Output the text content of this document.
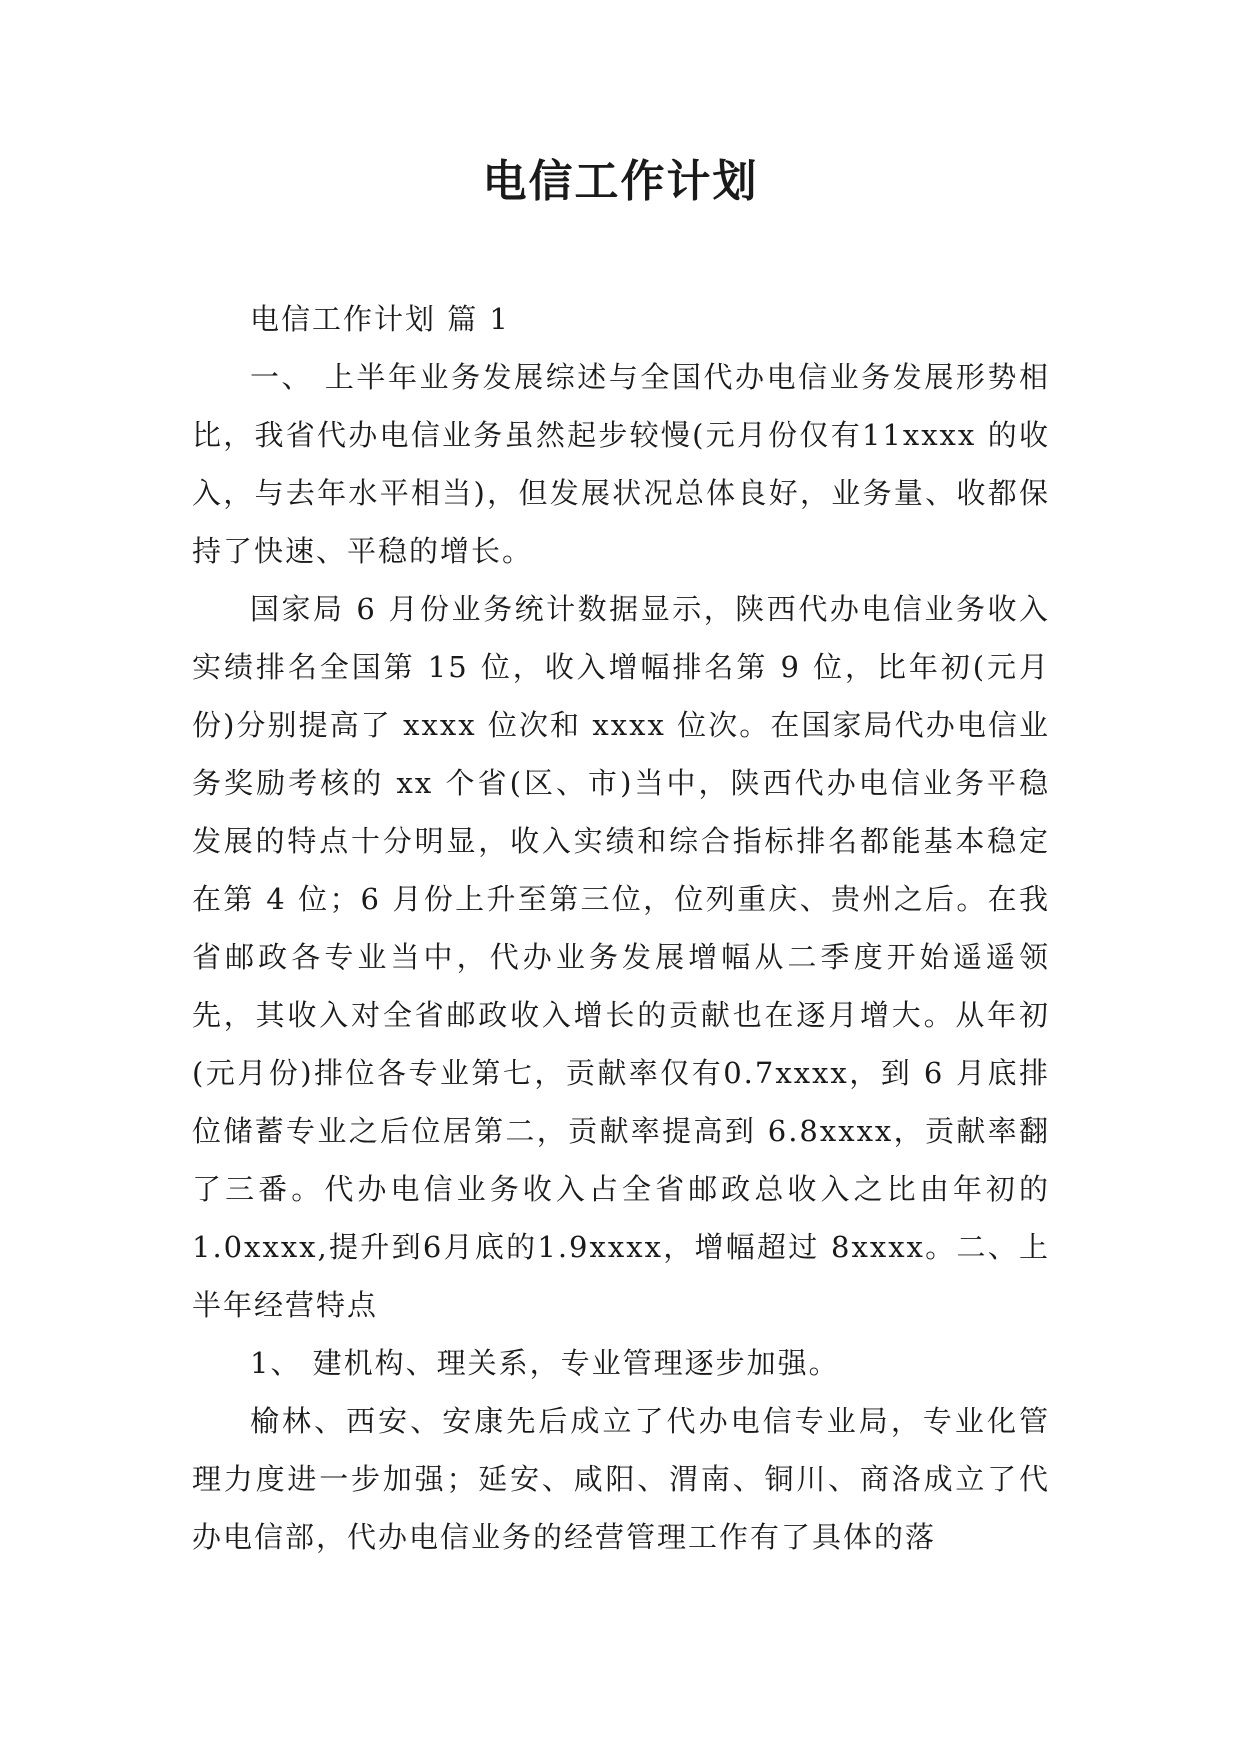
电信工作计划

电信工作计划 篇 1

一、 上半年业务发展综述与全国代办电信业务发展形势相比，我省代办电信业务虽然起步较慢(元月份仅有11xxxx 的收入，与去年水平相当)，但发展状况总体良好，业务量、收都保持了快速、平稳的增长。

国家局 6 月份业务统计数据显示，陕西代办电信业务收入实绩排名全国第 15 位，收入增幅排名第 9 位，比年初(元月份)分别提高了 xxxx 位次和 xxxx 位次。在国家局代办电信业务奖励考核的 xx 个省(区、市)当中，陕西代办电信业务平稳发展的特点十分明显，收入实绩和综合指标排名都能基本稳定在第 4 位；6 月份上升至第三位，位列重庆、贵州之后。在我省邮政各专业当中，代办业务发展增幅从二季度开始遥遥领先，其收入对全省邮政收入增长的贡献也在逐月增大。从年初(元月份)排位各专业第七，贡献率仅有0.7xxxx，到 6 月底排位储蓄专业之后位居第二，贡献率提高到 6.8xxxx，贡献率翻了三番。代办电信业务收入占全省邮政总收入之比由年初的1.0xxxx,提升到6月底的1.9xxxx，增幅超过 8xxxx。二、上半年经营特点

1、 建机构、理关系，专业管理逐步加强。

榆林、西安、安康先后成立了代办电信专业局，专业化管理力度进一步加强；延安、咸阳、渭南、铜川、商洛成立了代办电信部，代办电信业务的经营管理工作有了具体的落
